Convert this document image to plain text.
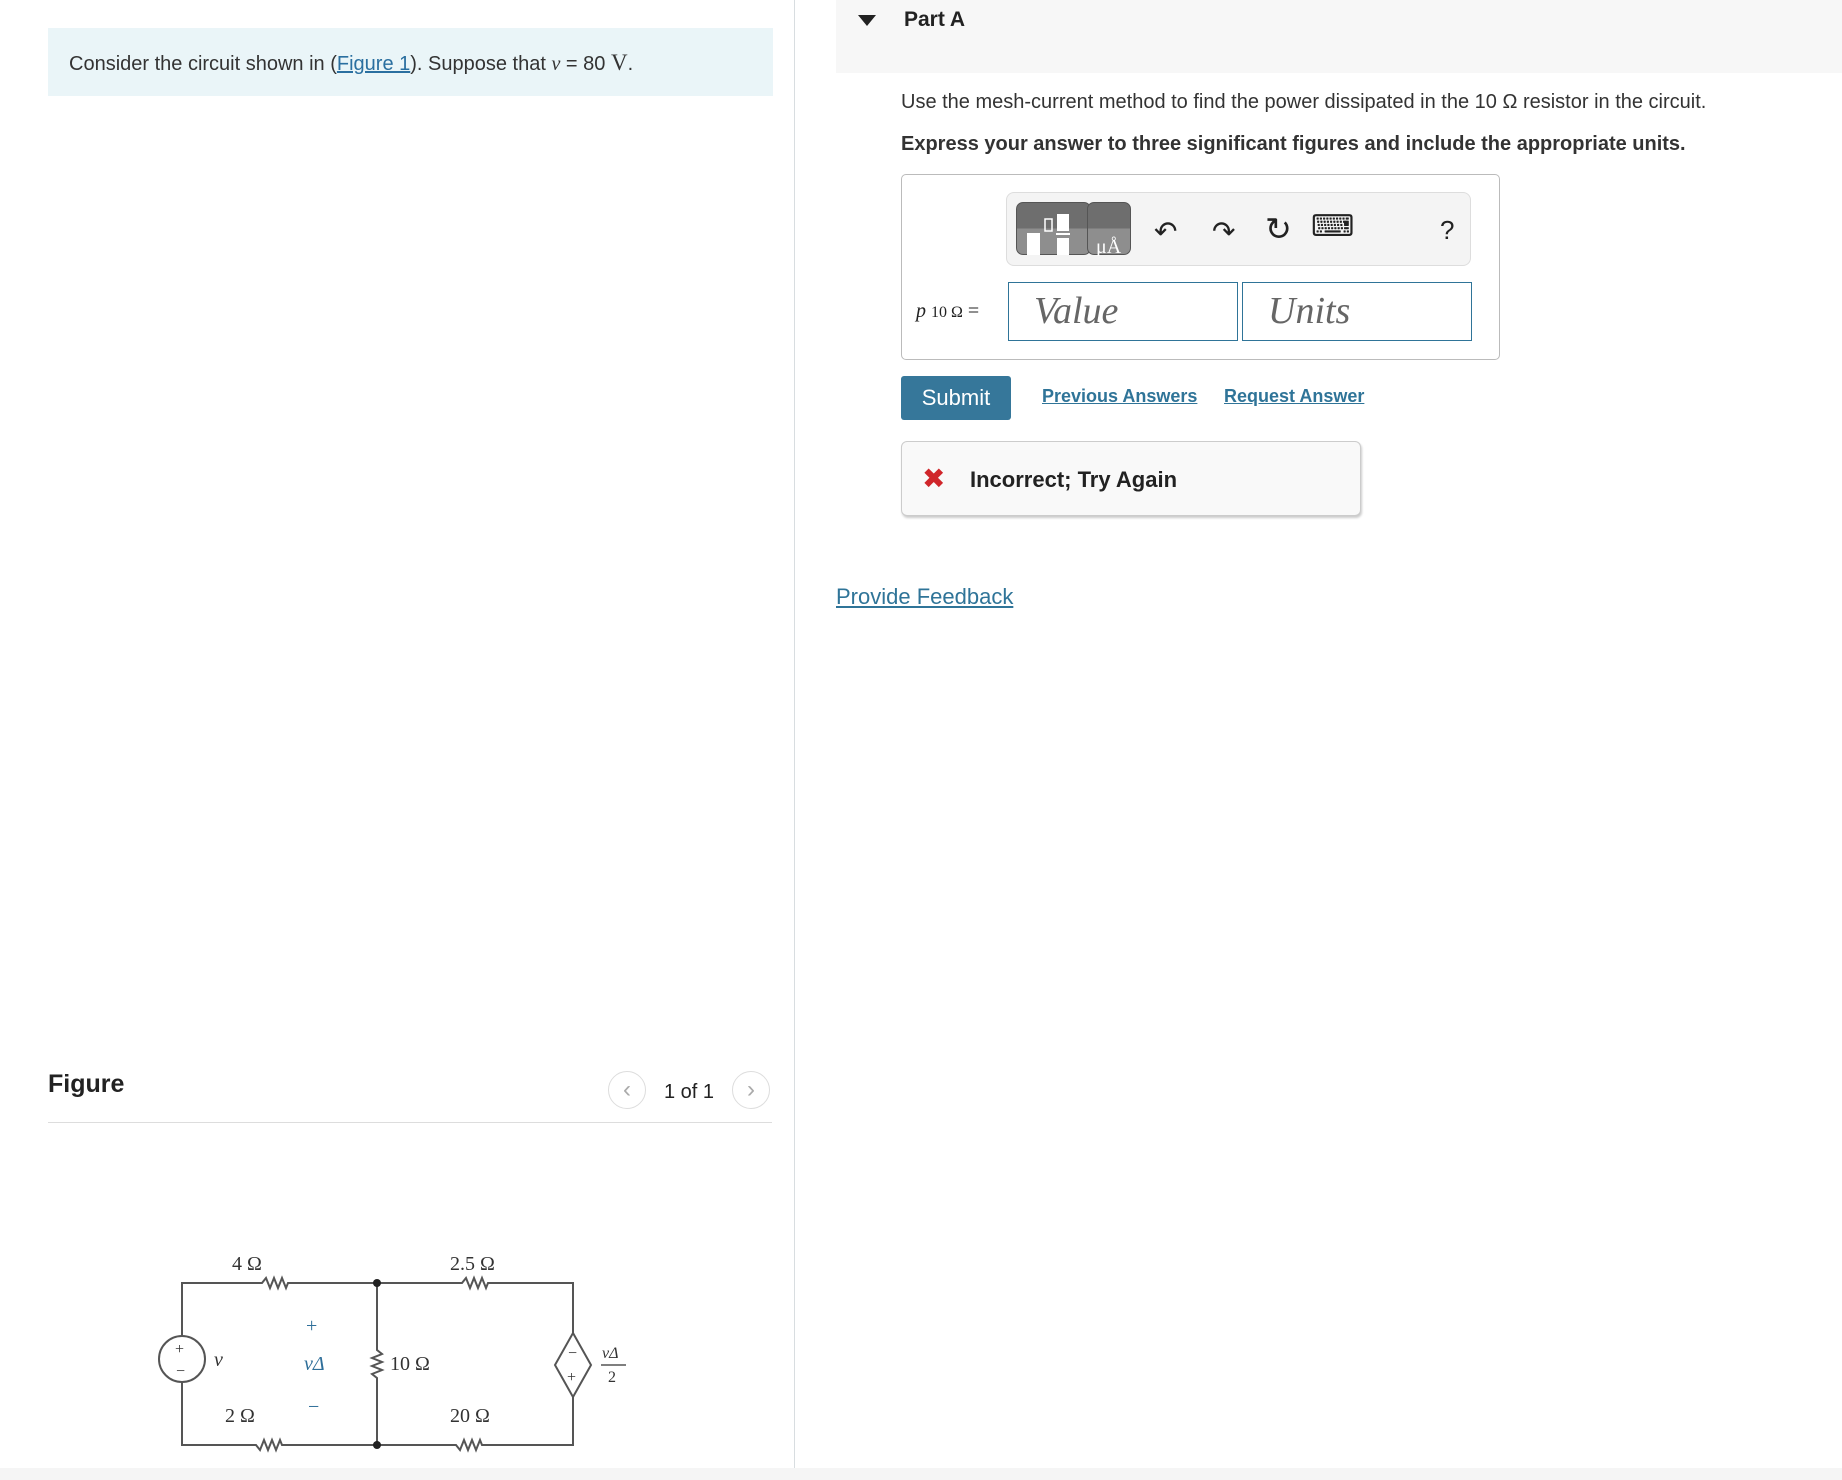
Consider the circuit shown in (Figure 1). Suppose that v = 80 V.
Part A
Use the mesh-current method to find the power dissipated in the 10 Ω resistor in the circuit.
Express your answer to three significant figures and include the appropriate units.
μÅ ↶ ↷ ↻ ⌨	?
p 10 Ω =	Value	Units
Submit	Previous Answers Request Answer
✖ Incorrect; Try Again
Provide Feedback
Figure	‹	1 of 1	›
4 Ω	2.5 Ω
10 Ω
2 Ω	20 Ω
v	vΔ
+
−
+
−
−
+
vΔ
2
